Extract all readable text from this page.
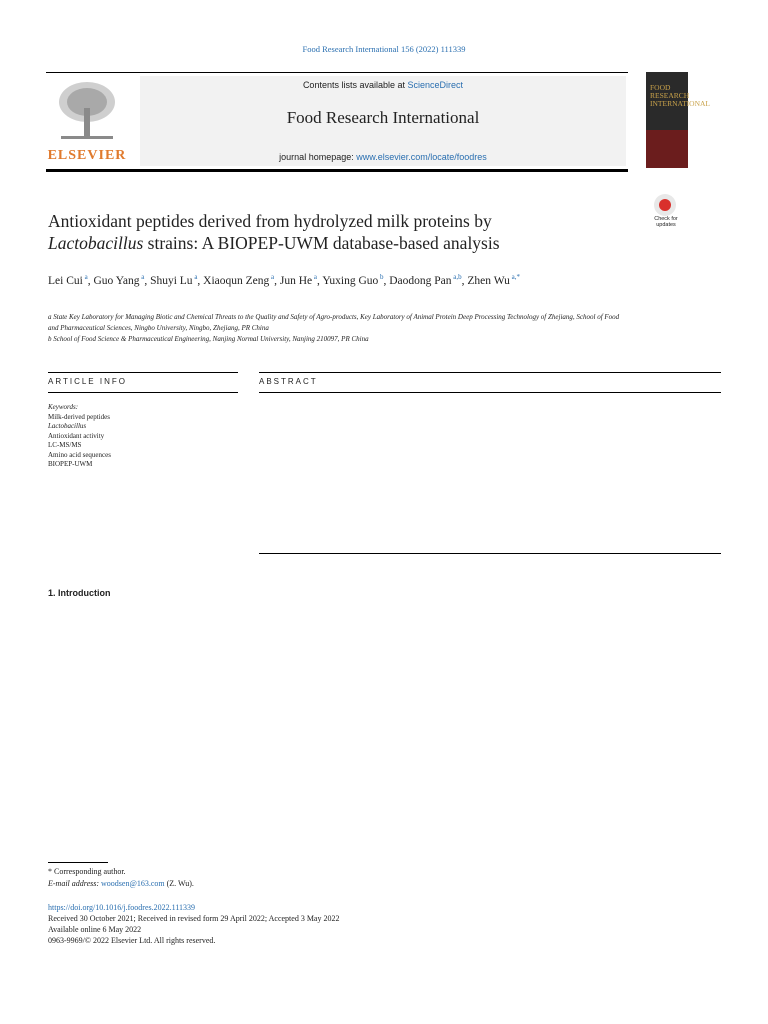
Food Research International 156 (2022) 111339
ELSEVIER
Contents lists available at ScienceDirect
Food Research International
journal homepage: www.elsevier.com/locate/foodres
FOOD RESEARCH INTERNATIONAL
Check for updates
Antioxidant peptides derived from hydrolyzed milk proteins by
Lactobacillus strains: A BIOPEP-UWM database-based analysis
Lei Cui $^a$, Guo Yang $^a$, Shuyi Lu $^a$, Xiaoqun Zeng $^a$, Jun He $^a$, Yuxing Guo $^b$, Daodong Pan $^{a,b}$, Zhen Wu $^{a,*}$
a State Key Laboratory for Managing Biotic and Chemical Threats to the Quality and Safety of Agro-products, Key Laboratory of Animal Protein Deep Processing Technology of Zhejiang, School of Food and Pharmaceutical Sciences, Ningbo University, Ningbo, Zhejiang, PR China
b School of Food Science & Pharmaceutical Engineering, Nanjing Normal University, Nanjing 210097, PR China
ARTICLE INFO	ABSTRACT
Keywords:
Milk-derived peptides
Lactobacillus
Antioxidant activity
LC-MS/MS
Amino acid sequences
BIOPEP-UWM
1. Introduction

* Corresponding author.
E-mail address: woodsen@163.com (Z. Wu).
https://doi.org/10.1016/j.foodres.2022.111339
Received 30 October 2021; Received in revised form 29 April 2022; Accepted 3 May 2022
Available online 6 May 2022
0963-9969/© 2022 Elsevier Ltd. All rights reserved.
